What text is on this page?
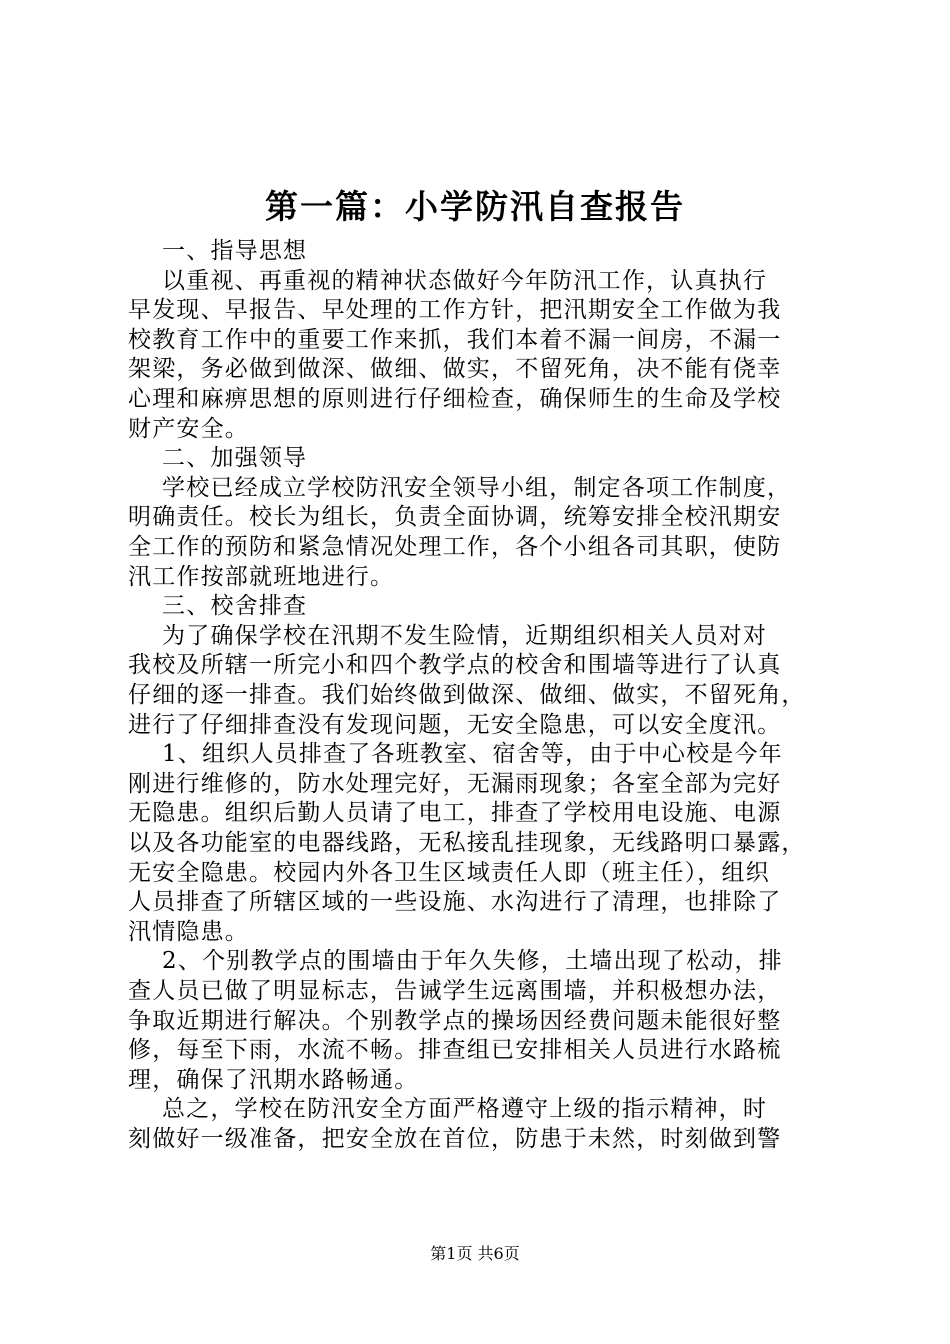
第一篇：小学防汛自查报告
一、指导思想
以重视、再重视的精神状态做好今年防汛工作，认真执行
早发现、早报告、早处理的工作方针，把汛期安全工作做为我
校教育工作中的重要工作来抓，我们本着不漏一间房，不漏一
架梁，务必做到做深、做细、做实，不留死角，决不能有侥幸
心理和麻痹思想的原则进行仔细检查，确保师生的生命及学校
财产安全。
二、加强领导
学校已经成立学校防汛安全领导小组，制定各项工作制度，
明确责任。校长为组长，负责全面协调，统筹安排全校汛期安
全工作的预防和紧急情况处理工作，各个小组各司其职，使防
汛工作按部就班地进行。
三、校舍排查
为了确保学校在汛期不发生险情，近期组织相关人员对对
我校及所辖一所完小和四个教学点的校舍和围墙等进行了认真
仔细的逐一排查。我们始终做到做深、做细、做实，不留死角，
进行了仔细排查没有发现问题，无安全隐患，可以安全度汛。
1、组织人员排查了各班教室、宿舍等，由于中心校是今年
刚进行维修的，防水处理完好，无漏雨现象；各室全部为完好
无隐患。组织后勤人员请了电工，排查了学校用电设施、电源
以及各功能室的电器线路，无私接乱挂现象，无线路明口暴露，
无安全隐患。校园内外各卫生区域责任人即（班主任），组织
人员排查了所辖区域的一些设施、水沟进行了清理，也排除了
汛情隐患。
2、个别教学点的围墙由于年久失修，土墙出现了松动，排
查人员已做了明显标志，告诫学生远离围墙，并积极想办法，
争取近期进行解决。个别教学点的操场因经费问题未能很好整
修，每至下雨，水流不畅。排查组已安排相关人员进行水路梳
理，确保了汛期水路畅通。
总之，学校在防汛安全方面严格遵守上级的指示精神，时
刻做好一级准备，把安全放在首位，防患于未然，时刻做到警
第1页 共6页
